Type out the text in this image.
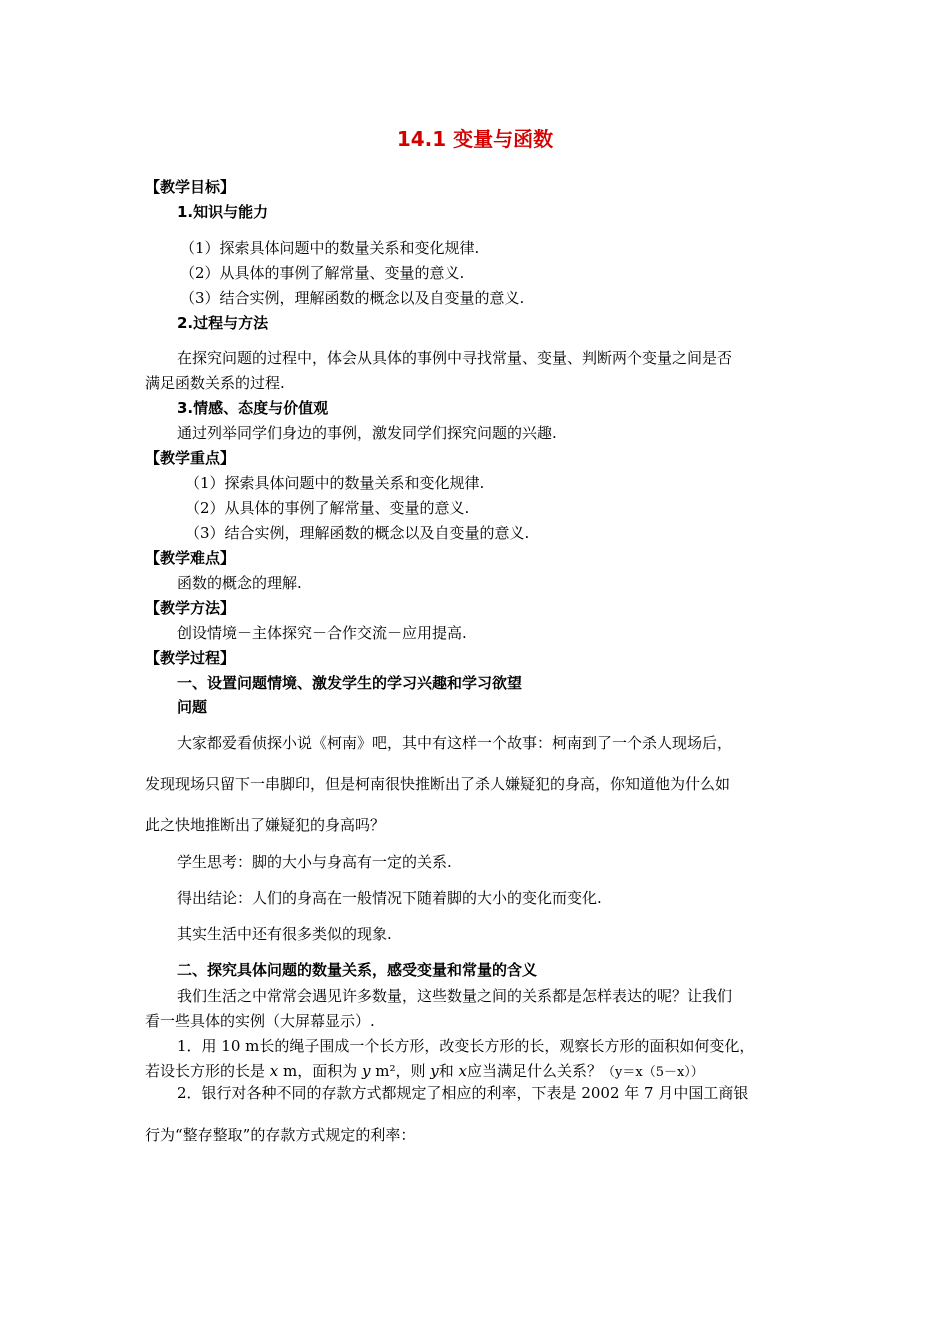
14.1 变量与函数
【教学目标】
1.知识与能力
（1）探索具体问题中的数量关系和变化规律.
（2）从具体的事例了解常量、变量的意义.
（3）结合实例，理解函数的概念以及自变量的意义.
2.过程与方法
在探究问题的过程中，体会从具体的事例中寻找常量、变量、判断两个变量之间是否
满足函数关系的过程.
3.情感、态度与价值观
通过列举同学们身边的事例，激发同学们探究问题的兴趣.
【教学重点】
（1）探索具体问题中的数量关系和变化规律.
（2）从具体的事例了解常量、变量的意义.
（3）结合实例，理解函数的概念以及自变量的意义.
【教学难点】
函数的概念的理解.
【教学方法】
创设情境－主体探究－合作交流－应用提高.
【教学过程】
一、设置问题情境、激发学生的学习兴趣和学习欲望
问题
大家都爱看侦探小说《柯南》吧，其中有这样一个故事：柯南到了一个杀人现场后，
发现现场只留下一串脚印，但是柯南很快推断出了杀人嫌疑犯的身高，你知道他为什么如
此之快地推断出了嫌疑犯的身高吗？
学生思考：脚的大小与身高有一定的关系.
得出结论：人们的身高在一般情况下随着脚的大小的变化而变化.
其实生活中还有很多类似的现象.
二、探究具体问题的数量关系，感受变量和常量的含义
我们生活之中常常会遇见许多数量，这些数量之间的关系都是怎样表达的呢？让我们
看一些具体的实例（大屏幕显示）.
1．用 10 m长的绳子围成一个长方形，改变长方形的长，观察长方形的面积如何变化，
若设长方形的长是 x m，面积为 y m²，则 y和 x应当满足什么关系？（y＝x（5－x））
2．银行对各种不同的存款方式都规定了相应的利率，下表是 2002 年 7 月中国工商银
行为“整存整取”的存款方式规定的利率：
